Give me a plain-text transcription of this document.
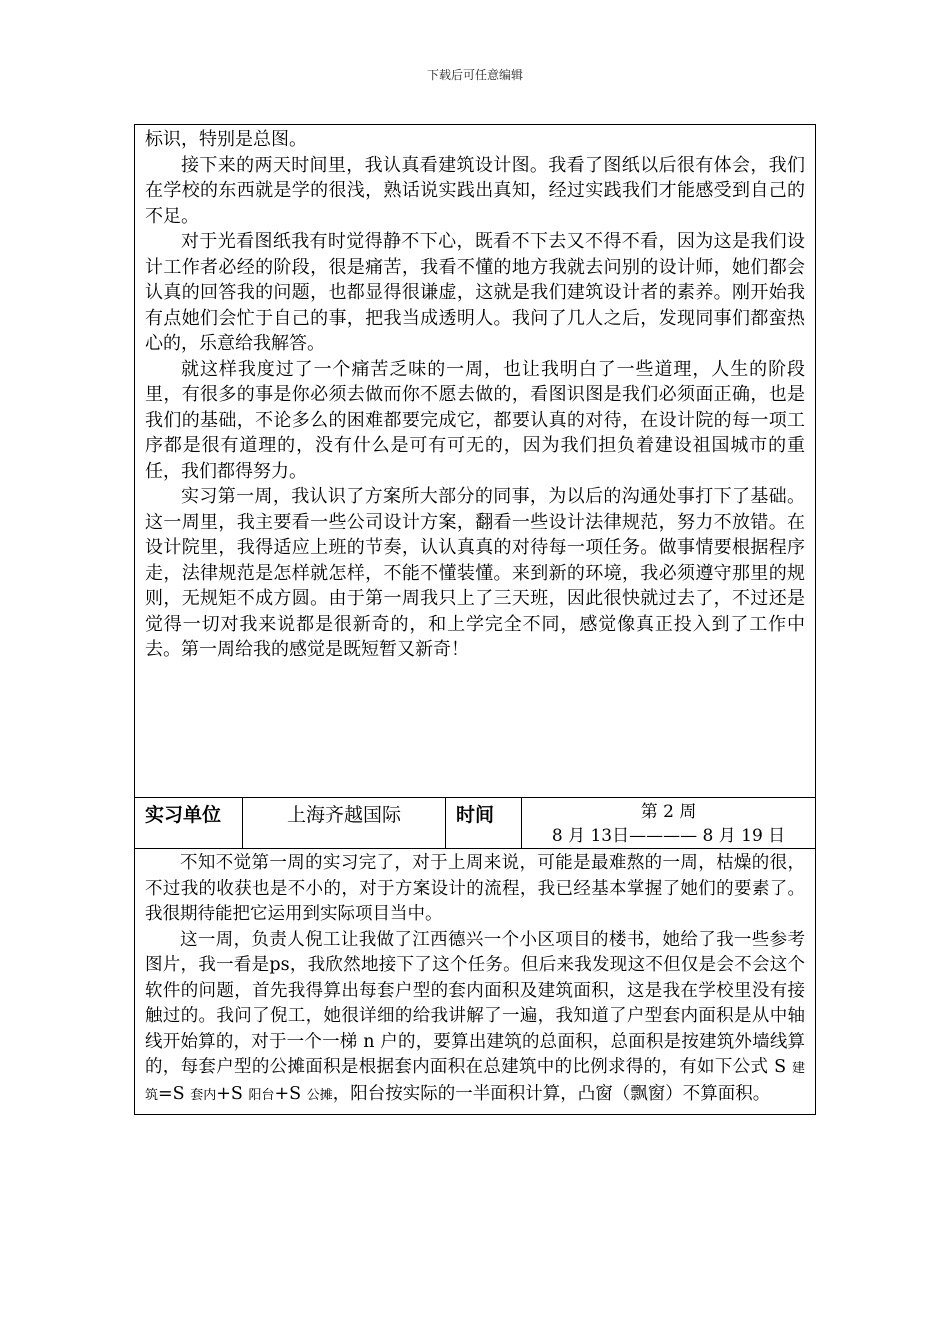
下载后可任意编辑

标识，特别是总图。

接下来的两天时间里，我认真看建筑设计图。我看了图纸以后很有体会，我们在学校的东西就是学的很浅，熟话说实践出真知，经过实践我们才能感受到自己的不足。

对于光看图纸我有时觉得静不下心，既看不下去又不得不看，因为这是我们设计工作者必经的阶段，很是痛苦，我看不懂的地方我就去问别的设计师，她们都会认真的回答我的问题，也都显得很谦虚，这就是我们建筑设计者的素养。刚开始我有点她们会忙于自己的事，把我当成透明人。我问了几人之后，发现同事们都蛮热心的，乐意给我解答。

就这样我度过了一个痛苦乏味的一周，也让我明白了一些道理，人生的阶段里，有很多的事是你必须去做而你不愿去做的，看图识图是我们必须面正确，也是我们的基础，不论多么的困难都要完成它，都要认真的对待，在设计院的每一项工序都是很有道理的，没有什么是可有可无的，因为我们担负着建设祖国城市的重任，我们都得努力。

实习第一周，我认识了方案所大部分的同事，为以后的沟通处事打下了基础。这一周里，我主要看一些公司设计方案，翻看一些设计法律规范，努力不放错。在设计院里，我得适应上班的节奏，认认真真的对待每一项任务。做事情要根据程序走，法律规范是怎样就怎样，不能不懂装懂。来到新的环境，我必须遵守那里的规则，无规矩不成方圆。由于第一周我只上了三天班，因此很快就过去了，不过还是觉得一切对我来说都是很新奇的，和上学完全不同，感觉像真正投入到了工作中去。第一周给我的感觉是既短暂又新奇！

实习单位	上海齐越国际	时间	第 2 周
8 月 13日———— 8 月 19 日

不知不觉第一周的实习完了，对于上周来说，可能是最难熬的一周，枯燥的很，不过我的收获也是不小的，对于方案设计的流程，我已经基本掌握了她们的要素了。我很期待能把它运用到实际项目当中。

这一周，负责人倪工让我做了江西德兴一个小区项目的楼书，她给了我一些参考图片，我一看是ps，我欣然地接下了这个任务。但后来我发现这不但仅是会不会这个软件的问题，首先我得算出每套户型的套内面积及建筑面积，这是我在学校里没有接触过的。我问了倪工，她很详细的给我讲解了一遍，我知道了户型套内面积是从中轴线开始算的，对于一个一梯 n 户的，要算出建筑的总面积，总面积是按建筑外墙线算的，每套户型的公摊面积是根据套内面积在总建筑中的比例求得的，有如下公式 S 建筑=S 套内+S 阳台+S 公摊，阳台按实际的一半面积计算，凸窗（飘窗）不算面积。
